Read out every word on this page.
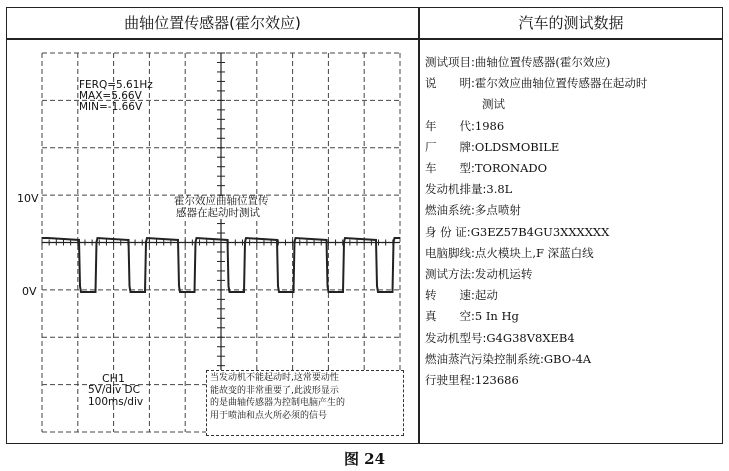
曲轴位置传感器(霍尔效应)	汽车的测试数据
FERQ=5.61Hz
MAX=5.66V
MIN=-1.66V
10V
0V
霍尔效应曲轴位置传
感器在起动时测试
CH1
5V/div DC
100ms/div
当发动机不能起动时,这常要动性
能故变的非常重要了,此波形显示
的是曲轴传感器为控制电脑产生的
用于喷油和点火所必须的信号
测试项目:曲轴位置传感器(霍尔效应)
说　　明:霍尔效应曲轴位置传感器在起动时
测试
年　　代:1986
厂　　牌:OLDSMOBILE
车　　型:TORONADO
发动机排量:3.8L
燃油系统:多点喷射
身 份 证:G3EZ57B4GU3XXXXXX
电脑脚线:点火模块上,F 深蓝白线
测试方法:发动机运转
转　　速:起动
真　　空:5 In Hg
发动机型号:G4G38V8XEB4
燃油蒸汽污染控制系统:GBO-4A
行驶里程:123686
图 24
